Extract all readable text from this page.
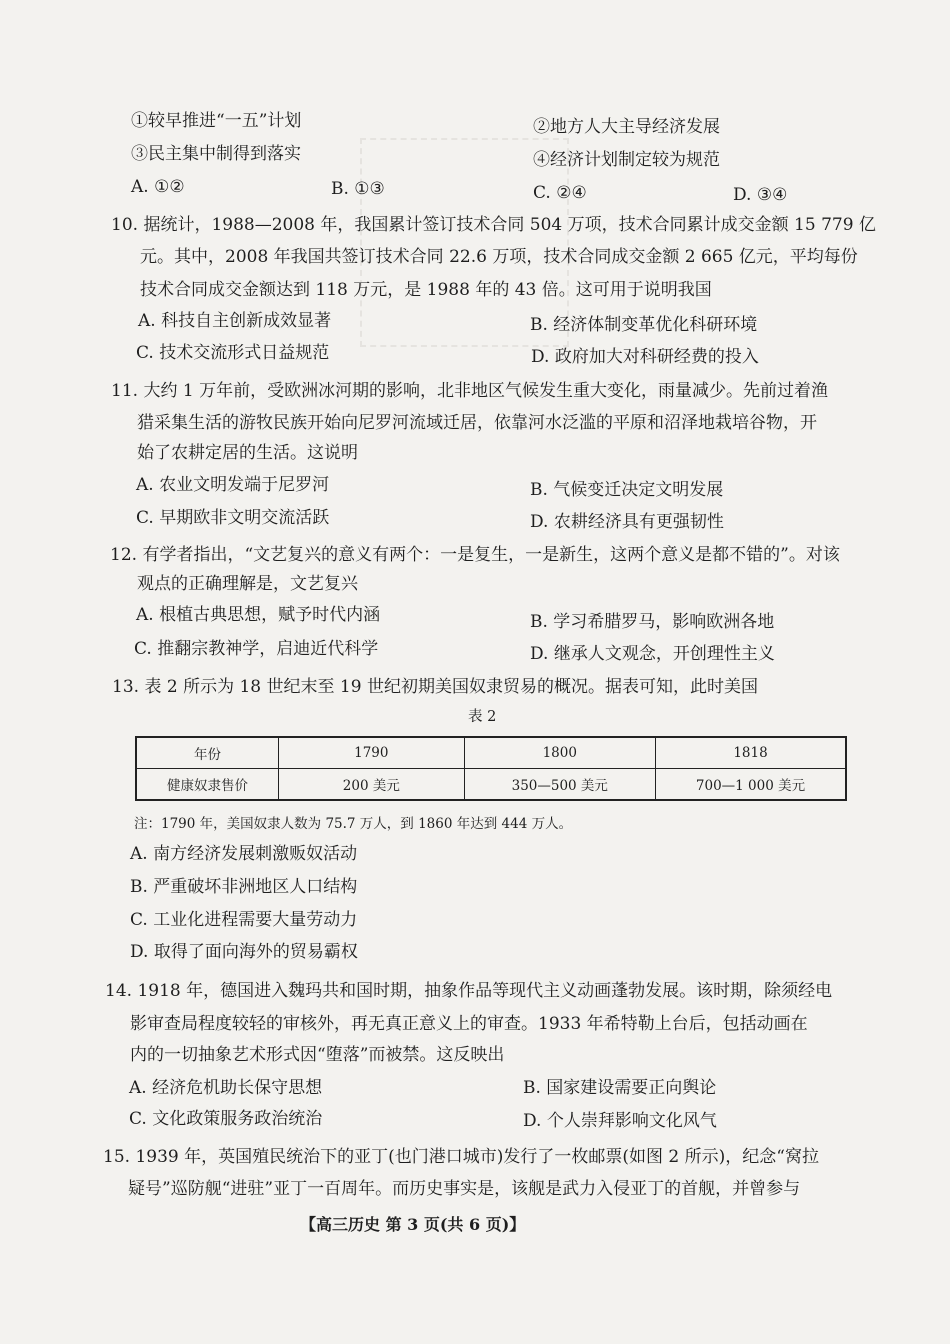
①较早推进“一五”计划	②地方人大主导经济发展
③民主集中制得到落实	④经济计划制定较为规范
A. ①②	B. ①③	C. ②④	D. ③④
10. 据统计，1988—2008 年，我国累计签订技术合同 504 万项，技术合同累计成交金额 15 779 亿
元。其中，2008 年我国共签订技术合同 22.6 万项，技术合同成交金额 2 665 亿元，平均每份
技术合同成交金额达到 118 万元，是 1988 年的 43 倍。这可用于说明我国
A. 科技自主创新成效显著	B. 经济体制变革优化科研环境
C. 技术交流形式日益规范	D. 政府加大对科研经费的投入
11. 大约 1 万年前，受欧洲冰河期的影响，北非地区气候发生重大变化，雨量减少。先前过着渔
猎采集生活的游牧民族开始向尼罗河流域迁居，依靠河水泛滥的平原和沼泽地栽培谷物，开
始了农耕定居的生活。这说明
A. 农业文明发端于尼罗河	B. 气候变迁决定文明发展
C. 早期欧非文明交流活跃	D. 农耕经济具有更强韧性
12. 有学者指出，“文艺复兴的意义有两个：一是复生，一是新生，这两个意义是都不错的”。对该
观点的正确理解是，文艺复兴
A. 根植古典思想，赋予时代内涵	B. 学习希腊罗马，影响欧洲各地
C. 推翻宗教神学，启迪近代科学	D. 继承人文观念，开创理性主义
13. 表 2 所示为 18 世纪末至 19 世纪初期美国奴隶贸易的概况。据表可知，此时美国
表 2
年份	1790	1800	1818
健康奴隶售价	200 美元	350—500 美元	700—1 000 美元
注：1790 年，美国奴隶人数为 75.7 万人，到 1860 年达到 444 万人。
A. 南方经济发展刺激贩奴活动
B. 严重破坏非洲地区人口结构
C. 工业化进程需要大量劳动力
D. 取得了面向海外的贸易霸权
14. 1918 年，德国进入魏玛共和国时期，抽象作品等现代主义动画蓬勃发展。该时期，除须经电
影审查局程度较轻的审核外，再无真正意义上的审查。1933 年希特勒上台后，包括动画在
内的一切抽象艺术形式因“堕落”而被禁。这反映出
A. 经济危机助长保守思想	B. 国家建设需要正向舆论
C. 文化政策服务政治统治	D. 个人崇拜影响文化风气
15. 1939 年，英国殖民统治下的亚丁(也门港口城市)发行了一枚邮票(如图 2 所示)，纪念“窝拉
疑号”巡防舰“进驻”亚丁一百周年。而历史事实是，该舰是武力入侵亚丁的首舰，并曾参与
【高三历史 第 3 页(共 6 页)】
